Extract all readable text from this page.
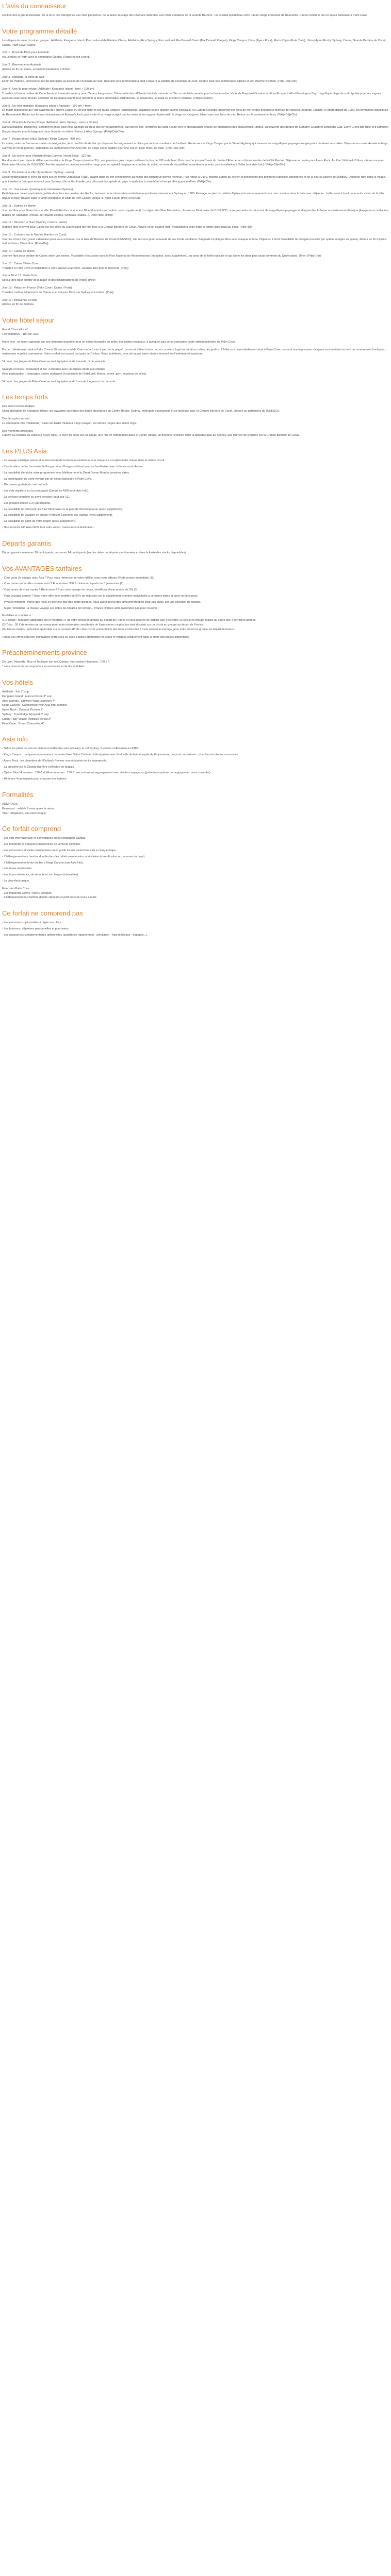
L'avis du connaisseur
Un itinéraire à grand spectacle, de la terre des Aborigènes aux cités pionnières, de la faune sauvage des réserves naturelles aux fonds coralliens de la Grande Barrière : un cocktail dynamique entre nature vierge et histoire de l'humanité. Circuit complété par un séjour balnéaire à Palm Cove.
Votre programme détaillé
Les étapes de votre circuit en groupe : Adélaïde, Kangaroo Island, Parc national de Flinders Chase, Adélaïde, Alice Springs, Parc national MacDonnell Ouest (MacDonnell Ranges), Kings Canyon, Uluru (Ayers Rock), Monts Olgas (Kata Tjuta), Uluru (Ayers Rock), Sydney, Cairns, Grande Barrière de Corail, Cairns, Palm Cove, Cairns
Jour 1 : Envol de Paris pour Adélaïde
via Londres et Perth avec la compagnie Qantas. Repas et nuit à bord.
Jour 2 : Bienvenue en Australie
Arrivée en fin de soirée, accueil et installation à l'hôtel.
Jour 3 : Adélaïde, la porte du Sud
En fin de matinée, découverte de l'art aborigène au Musée de l'Australie du Sud. Déjeuner puis promenade à pied à travers la capitale de l'Australie du Sud, célèbre pour ses nombreuses églises et son charme victorien. (Pdéj+Déj+Dîn)
Jour 4 : Une île pour refuge (Adélaïde / Kangaroo Island - ferry + 190 km)
Transfert à l'embarcadère de Cape Jervis et traversée en ferry pour l'île aux kangourous. Découverte des différents habitats naturels de l'île, un véritable paradis pour la faune native. Visite de Freycinet-Duval et arrêt au Prospect Hill et Pennington Bay, magnifique plage de surf réputée pour ses vagues. Déjeuner puis visite du parc animalier de Kangaroo Island pour observer la faune endémique australienne, le kangourou, le koala ou encore le wombat. (Pdéj+Déj+Dîn)
Jour 5 : Un islet animalier (Kangaroo Island / Adélaïde - 180 km + ferry)
Le matin découverte du Parc National de Flinders Chase où vit une flore et une faune uniques : kangourous, wallabies et une grande variété d'oiseaux. Au Cap du Couedic, observez des lions de mer et des phoques à fourrure de Nouvelle-Zélande. Ensuite, le phare datant de 1909, les formations granitiques de Remarkable Rocks aux formes fantastiques et Admiral's Arch, puis visite d'un rivage sculpté par les vents et les vagues. Après-midi, la plage de Kangaroo Island avec ses lions de mer. Retour sur le continent en ferry. (Pdéj+Déj+Dîn)
Jour 6 : Direction le Centre Rouge (Adélaïde / Alice Springs - avion + 30 km)
Dans la matinée, transfert à l'aéroport et envol pour Alice Springs au cœur des terres aborigènes, aux portes des Territoires du Nord. Route vers le spectaculaire chaîne de montagnes des MacDonnell Ranges. Découverte des gorges de Standley Chasm et Simpsons Gap, Ellery Creek Big Hole et d'Ormiston Gorge, réputée pour la baignade dans l'eau de sa rivière. Retour à Alice Springs. (Pdéj+Déj+Dîn)
Jour 7 : Rouge désert (Alice Springs / Kings Canyon - 450 km)
Le matin, visite de l'ancienne station du télégraphe, ainsi que l'école de l'air qui dispense l'enseignement scolaire par radio aux enfants de l'outback. Route vers le Kings Canyon par la Stuart Highway qui traverse les magnifiques paysages rougeoyants du désert australien. Déjeuner en route. Arrivée à Kings Canyon en fin de journée. Installation au campement (voir Avis Info) de Kings Creek Station pour une nuit en plein milieu du bush. (Pdéj+Déj+Dîn)
Jour 8 : Un rocher pour l'éternité (Kings Canyon / Ayers Rock - 320 km)
Randonnée à pied dans le défilé spectaculaire de Kings Canyon (environ 3h) : ses parois en grès rouges s'élèvent à plus de 100 m de haut. Puis marche jusqu'à l'oasis du Jardin d'Eden et aux dômes érodés de la Cité Perdue. Déjeuner en route pour Ayers Rock. Au Parc National d'Uluru, site reconnu au Patrimoine Mondial de l'UNESCO. Arrivée au pied du célèbre monolithe rouge pour un apéritif magique au coucher du soleil, un verre de vin pétillant australien à la main, puis installation à l'hôtel (voir Avis Info). (Pdéj+Déj+Dîn)
Jour 9 : Du désert à la ville (Ayers Rock / Sydney - avion)
Départ matinal pour le lever du soleil sur les Monts Olga (Kata Tjuta), balade dans ce site exceptionnel au milieu des nombreux dômes rocheux. Puis retour à Uluru, marche autour du rocher et découverte des peintures rupestres aborigènes et de la source sacrée de Mutitjulu. Déjeuner libre dans le village, puis transfert à l'aéroport et envol pour Sydney, cité multiculturelle pour découvrir la capitale du pays. Installation à votre hôtel et temps libre jusqu'au dîner. (Pdéj+Dîn)
Jour 10 : Une escale dynamique et charmeuse (Sydney)
Petit déjeuner avant une balade guidée dans l'ancien quartier des Rocks, berceau de la colonisation australienne qui donna naissance à Sydney en 1788. Passage au pied du célèbre Opéra puis embarquement pour une croisière dans la baie avec déjeuner : buffet servi à bord ! une autre vision de la ville depuis la baie. Balade dans le jardin botanique et visite de l'Art Gallery. Retour à l'hôtel à pied. (Pdéj+Déj+Dîn)
Jour 11 : Sydney en liberté
Journée libre pour flâner dans la ville. Possibilité d'excursion aux Blue Mountains (en option, avec supplément). La région des Blue Mountains, classée au Patrimoine de l'UNESCO, vous permettra de découvrir de magnifiques paysages et d'approcher la faune australienne endémique (kangourous, wallabies, diables de Tasmanie, émeus, perroquets colorés, wombats, koalas...). Dîner libre. (Pdéj)
Jour 12 : Direction le Nord (Sydney / Cairns - avion)
Matinée libre et envol pour Cairns sur les côtes du Queensland qui font face à la Grande Barrière de Corail. Arrivée en fin d'après-midi. Installation à votre hôtel et temps libre jusqu'au dîner. (Pdéj+Dîn)
Jour 13 : Croisière sur la Grande Barrière de Corail
Journée à bord d'un grand catamaran pour vous emmener sur la Grande Barrière de Corail (UNESCO), site reconnu pour la beauté de ses fonds coralliens. Baignade et plongée libre avec masque et tuba. Déjeuner à bord. Possibilité de plongée bouteille (en option, à régler sur place). Retour en fin d'après-midi à Cairns. Dîner libre. (Pdéj+Déj)
Jour 14 : Cairns en liberté
Journée libre pour profiter de Cairns selon vos envies. Possibilité d'excursion dans le Parc National de Wooroonooran (en option, avec supplément), au cœur de la forêt tropicale et qui abrite les deux plus hauts sommets du Queensland. Dîner. (Pdéj+Dîn)
Jour 15 : Cairns / Palm Cove
Transfert à Palm Cove et installation à votre Grand Chancellor. Journée libre pour la farniente. (Pdéj)
Jour à 16 et 17 : Palm Cove
Séjour libre pour profiter de la plage et des infrastructures de l'hôtel. (Pdéj)
Jour 18 : Retour en France (Palm Cove / Cairns / Paris)
Transfert matinal à l'aéroport de Cairns et envol pour Paris via Sydney et Londres. (Pdéj)
Jour 19 : Bienvenue à Paris
Arrivée en fin de matinée.
Votre hôtel séjour
Grand Chancellor 4*
140 chambres - 1re coll. sup.
Notre avis : un resort agréable sur une immense propriété pour un séjour tranquille au milieu des jardins tropicaux, à quelques pas de la charmante petite station balnéaire de Palm Cove.
Port et : idéalement situé à Palm Cove à 30 min au nord de Cairns et à 5 min à pied de la plage*. Le resort s'étend entre mer et cocotiers, logé en retrait au milieu des jardins. L'hôtel se trouve idéalement situé à Palm Cove, donnant une impression d'espace tout en étant au bord de nombreuses boutiques, restaurants et petits commerces. Votre confort est assuré tout près de l'océan. Vivez la détente, avec de larges baies vitrées donnant sur l'extérieur et la piscine.
*A noter : les plages de Palm Cove ne sont équipées ni de transats, ni de parasols.
Saveurs et loisirs : restaurant et bar, 2 piscines avec un espace dédié aux enfants.
Avec participation : massages, centre multisport (à proximité de l'hôtel golf, fitness, tennis, gym, locations de vélos).
*A noter : les plages de Palm Cove ne sont équipées ni de transats longues et de parasols.
Les temps forts
Des sites incontournables
Uluru aborigène de Kangaroo Island, les paysages sauvages des terres aborigènes du Centre Rouge, Sydney, métropole cosmopolite et sa fameuse baie, la Grande Barrière de Corail, classée au patrimoine de l'UNESCO.
Des lieux plus secrets
La charmante ville d'Adélaïde, l'oasis du Jardin d'Eden à Kings Canyon, les dômes rouges des Monts Olga.
Des moments privilégiés
L'apéro au coucher du soleil sur Ayers Rock, le lever du soleil sur les Olgas, une nuit en campement dans le Centre Rouge, un déjeuner croisière dans la fameuse baie de Sydney, une journée de croisière sur la Grande Barrière de Corail.
Les PLUS Asia
- Le voyage privilégie nature et la découverte de la faune australienne, une séquence exceptionnelle unique dans le même circuit.
- L'exploration de la charmante île Kangaroo, un Kangaroo Island pour se familiariser avec la faune australienne.
- La possibilité d'enrichir votre programme avec Melbourne et la Great Ocean Road à certaines dates.
- La prolongation de votre voyage par un séjour balnéaire à Palm Cove.
- Découvrez gratuite du vrai outback.
- Les vols réguliers sur la compagnie Qantas en A380 (voir Avis Info).
- La pension complète ou demi-pension (sauf jour 11).
- Les groupes limités à 24 participants.
- La possibilité de découvrir les Blue Mountains ou le parc de Wooroonooran (avec supplément).
- La possibilité de voyager en classe Premium Économie sur Qantas (avec supplément).
- La possibilité de partir de votre région (avec supplément).
- Nos services Allô Asia 24/24 tout votre séjour, l'assistance à destination.
Départs garantis
Départ garantis minimum 10 participants, maximum 24 participants (sur les dates de départs mentionnées et dans la limite des stocks disponibles).
Vos AVANTAGES tarifaires
- C'est votre 2e voyage avec Asia ? Pour vous remercier de votre fidélité, nous vous offrons 5% de remise immédiate (1).
- Vous partez en famille ou entre amis ? Économisez 300 € minimum, à partir de 6 personnes (2).
- Vous venez de vous marier ? Réductions ! Pour votre voyage de noces, bénéficiez d'une remise de 5% (3).
- Vous voyagez seul(e) ? Avec notre offre solo, profitez de 50% de réduction sur le supplément chambre individuelle à certaines dates et dans certains pays.
- Vivez le moment ! Parce que nous ne prenons que des petits groupes, nous avons prévu des tarifs préférentiels pour eux aussi, sur une sélection de circuits.
- Super Tentations : à chaque voyage ses dates de départ à prix promo... Places limitées alors n'attendez pas pour réserver !
Modalités et conditions :
(1) Fidélité : réduction applicable sur le montant HT de votre circuit en groupe au départ de France et sous réserve de justifier que c'est votre 2e circuit en groupe réalisé au cours des 4 dernières années.
(2) Tribu : 50 € de remise par personne pour toute réservation simultanée de 6 personnes ou plus (un seul dossier) sur un circuit en groupe au départ de France.
(3) Jeunes mariés : réduction applicable sur le montant HT de votre circuit, présentation des bans et dans les 6 mois suivant le mariage, pour votre circuit en groupe au départ de France.
Toutes ces offres sont non cumulables entre elles ou avec d'autres promotions en cours et valables uniquement dans la limite des places disponibles.
Préacheminements province
De Lyon, Marseille, Nice et Toulouse sur vols Qantas, via Londres-Heathrow : 100 € *.
* sous réserve de correspondances existantes et de disponibilités.
Vos hôtels
Adélaïde : Ibis 3* sup
Kangaroo Island : Aurora Ozone 3* sup
Alice Springs : Crowne Plaza Lasseters 4*
Kings Canyon : Campement (voir Asia Info) (simple)
Ayers Rock : Outback Pioneer 2*
Sydney : Travelodge Wynyard 3* sup
Cairns : Bay Village Tropical Retreat 3*
Palm Cove : Grand Chancellor 4*
Asia info
- Selon les plans de vols de Qantas (modifiables sans préavis), le vol Sydney / Londres s'effectuera en A380.
- Kings Canyon : campement permanent de tentes fixes Safari Cabin en toile épaisse avec lit et salle de bain équipée de lits jumeaux, draps et couvertures ; douches et toilettes communes.
- Ayers Rock : les chambres de l'Outback Pioneer sont équipées de lits superposés.
- La croisière sur la Grande Barrière s'effectue en anglais.
- Option Blue Mountains : 160 € et Wooroonooran : 160 € ; excursions en regroupement avec d'autres voyageurs (guide francophone ou anglophone : nous consulter).
- Minimum 4 participants pour chacune des options.
Formalités
AUSTRALIE :
Passeport : valable 6 mois après le retour.
Visa : obligatoire, visa électronique.
Ce forfait comprend
- Les vols internationaux et domestiques sur la compagnie Qantas.
- Les transferts et transports mentionnés en véhicule climatisé.
- Les excursions et visites mentionnées avec guide locaux parlant français à chaque étape.
- L'hébergement en chambre double dans les hôtels mentionnés ou similaires (classification aux normes du pays).
- L'hébergement en tente double à Kings Canyon (voir Asia Info).
- Les repas mentionnés.
- Les taxes aériennes, de sécurité et surcharges (révisables).
- Le visa électronique.
Extension Palm Cove :
- Les transferts Cairns / hôtel / aéroport.
- L'hébergement en chambre double standard et petit déjeuner pour 3 nuits.
Ce forfait ne comprend pas
- Les excursions optionnelles à régler sur place.
- Les boissons, dépenses personnelles et pourboires.
- Les assurances complémentaires optionnelles (assistance rapatriement - annulation - frais médicaux - bagages...).
